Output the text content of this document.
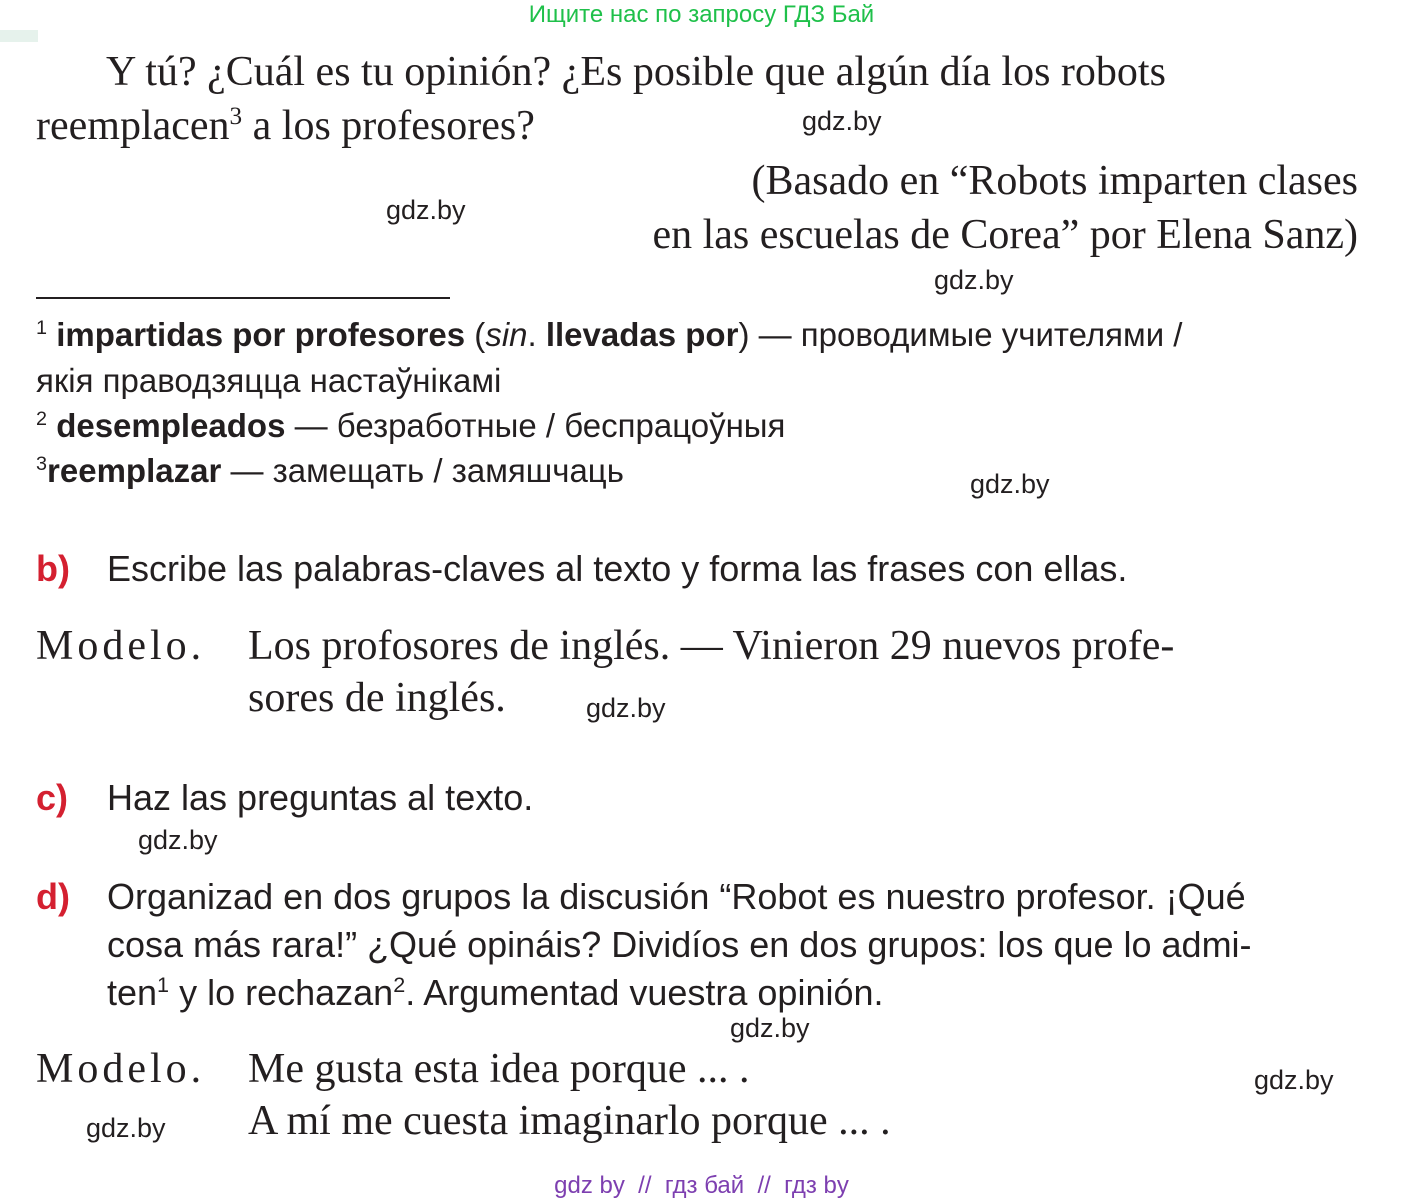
Ищите нас по запросу ГДЗ Бай
Y tú? ¿Cuál es tu opinión? ¿Es posible que algún día los robots
reemplacen$^3$ a los profesores?
(Basado en “Robots imparten clases
en las escuelas de Corea” por Elena Sanz)
$^1$ impartidas por profesores (sin. llevadas por) — проводимые учителями /
якія праводзяцца настаўнікамі
$^2$ desempleados — безработные / беспрацоўныя
$^3$reemplazar — замещать / замяшчаць
b) Escribe las palabras-claves al texto y forma las frases con ellas.
Modelo. Los profosores de inglés. — Vinieron 29 nuevos profe-
sores de inglés.
c) Haz las preguntas al texto.
d) Organizad en dos grupos la discusión “Robot es nuestro profesor. ¡Qué
cosa más rara!” ¿Qué opináis? Dividíos en dos grupos: los que lo admi-
ten$^1$ y lo rechazan$^2$. Argumentad vuestra opinión.
Modelo. Me gusta esta idea porque ... .
A mí me cuesta imaginarlo porque ... .
gdz.by
gdz.by
gdz.by
gdz.by
gdz.by
gdz.by
gdz.by
gdz.by
gdz.by
gdz by  //  гдз бай  //  гдз by
